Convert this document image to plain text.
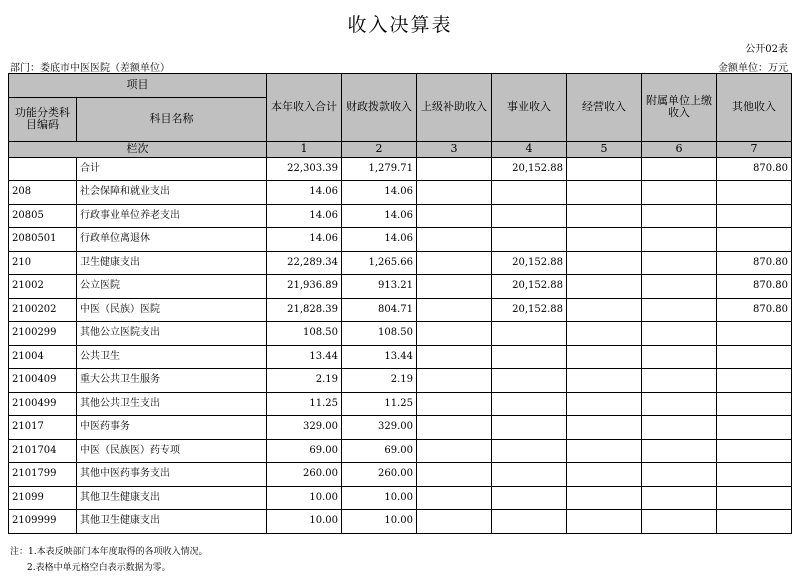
收入决算表
公开02表
部门：娄底市中医医院（差额单位）	金额单位：万元
项目		本年收入合计	财政拨款收入	上级补助收入	事业收入	经营收入	附属单位上缴收入	其他收入
功能分类科目编码	科目名称							
栏次		1	2	3	4	5	6	7
	合计	22,303.39	1,279.71		20,152.88			870.80
208	社会保障和就业支出	14.06	14.06					
20805	行政事业单位养老支出	14.06	14.06					
2080501	行政单位离退休	14.06	14.06					
210	卫生健康支出	22,289.34	1,265.66		20,152.88			870.80
21002	公立医院	21,936.89	913.21		20,152.88			870.80
2100202	中医（民族）医院	21,828.39	804.71		20,152.88			870.80
2100299	其他公立医院支出	108.50	108.50					
21004	公共卫生	13.44	13.44					
2100409	重大公共卫生服务	2.19	2.19					
2100499	其他公共卫生支出	11.25	11.25					
21017	中医药事务	329.00	329.00					
2101704	中医（民族医）药专项	69.00	69.00					
2101799	其他中医药事务支出	260.00	260.00					
21099	其他卫生健康支出	10.00	10.00					
2109999	其他卫生健康支出	10.00	10.00					
注：1.本表反映部门本年度取得的各项收入情况。
2.表格中单元格空白表示数据为零。
